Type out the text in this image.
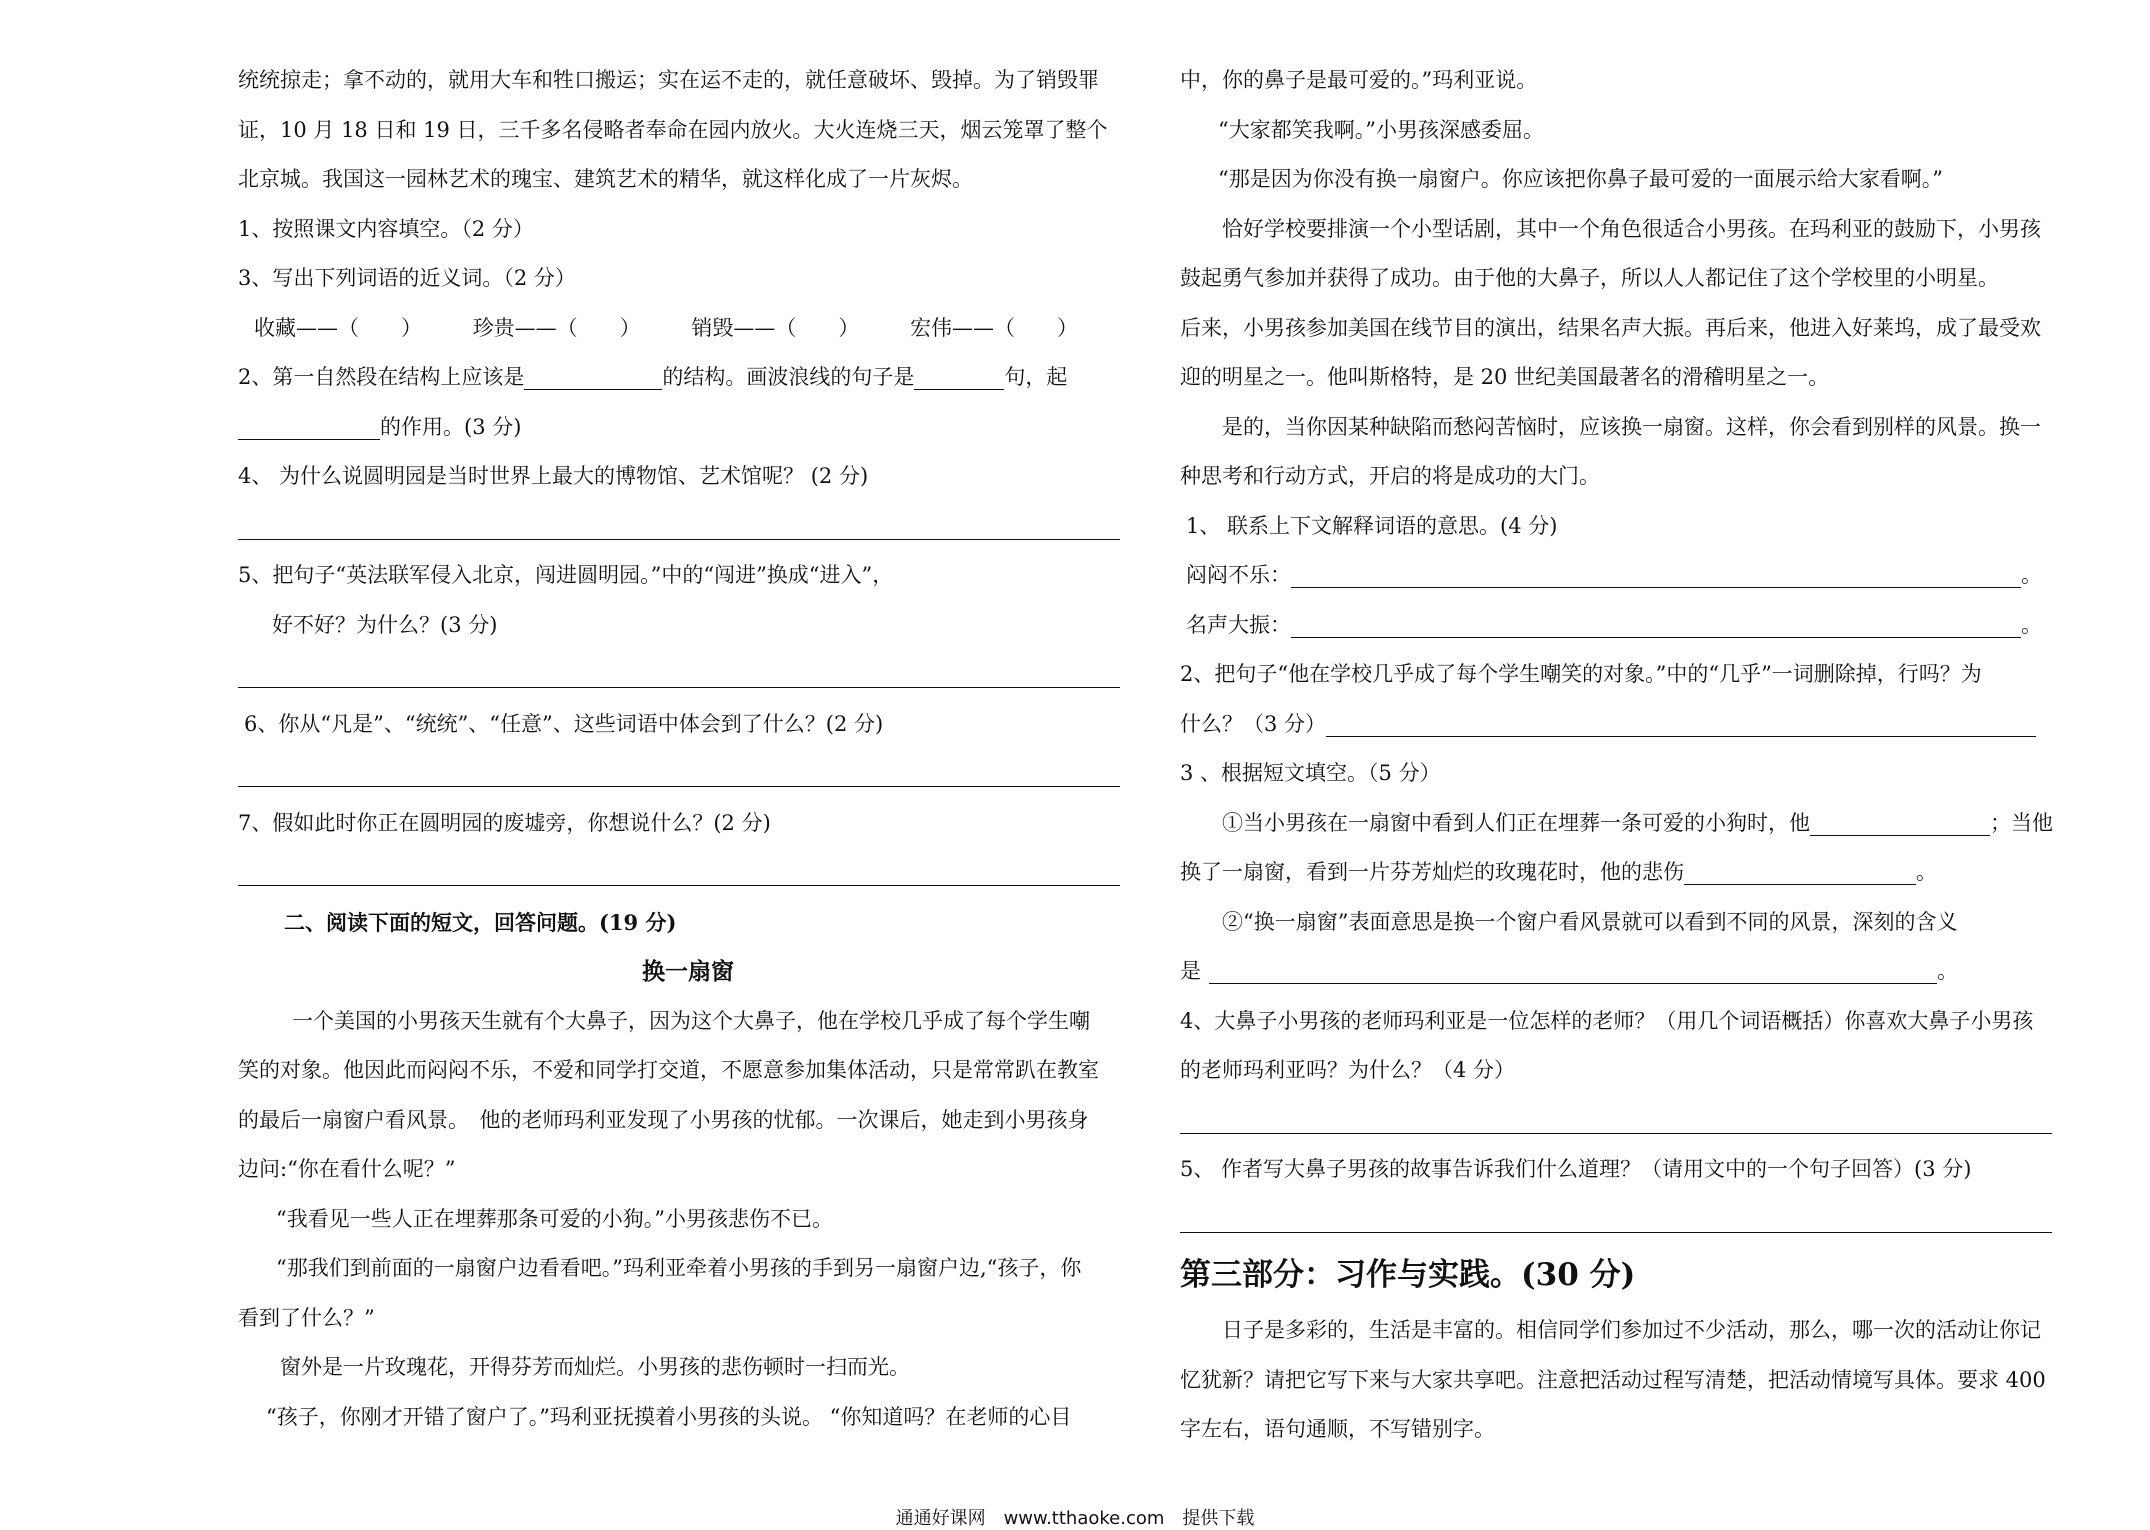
统统掠走；拿不动的，就用大车和牲口搬运；实在运不走的，就任意破坏、毁掉。为了销毁罪
证，10 月 18 日和 19 日，三千多名侵略者奉命在园内放火。大火连烧三天，烟云笼罩了整个
北京城。我国这一园林艺术的瑰宝、建筑艺术的精华，就这样化成了一片灰烬。
1、按照课文内容填空。（2 分）
3、写出下列词语的近义词。（2 分）
收藏——（　　） 珍贵——（　　） 销毁——（　　） 宏伟——（　　）
2、第一自然段在结构上应该是	的结构。画波浪线的句子是	句，起
的作用。(3 分)
4、 为什么说圆明园是当时世界上最大的博物馆、艺术馆呢？ (2 分)
5、把句子“英法联军侵入北京，闯进圆明园。”中的“闯进”换成“进入”，
好不好？为什么？(3 分)
6、你从“凡是”、“统统”、“任意”、这些词语中体会到了什么？(2 分)
7、假如此时你正在圆明园的废墟旁，你想说什么？(2 分)
二、阅读下面的短文，回答问题。(19 分)
换一扇窗
一个美国的小男孩天生就有个大鼻子，因为这个大鼻子，他在学校几乎成了每个学生嘲
笑的对象。他因此而闷闷不乐，不爱和同学打交道，不愿意参加集体活动，只是常常趴在教室
的最后一扇窗户看风景。　他的老师玛利亚发现了小男孩的忧郁。一次课后，她走到小男孩身
边问:“你在看什么呢？”
“我看见一些人正在埋葬那条可爱的小狗。”小男孩悲伤不已。
“那我们到前面的一扇窗户边看看吧。”玛利亚牵着小男孩的手到另一扇窗户边,“孩子，你
看到了什么？”
窗外是一片玫瑰花，开得芬芳而灿烂。小男孩的悲伤顿时一扫而光。
“孩子，你刚才开错了窗户了。”玛利亚抚摸着小男孩的头说。 “你知道吗？在老师的心目
中，你的鼻子是最可爱的。”玛利亚说。
“大家都笑我啊。”小男孩深感委屈。
“那是因为你没有换一扇窗户。你应该把你鼻子最可爱的一面展示给大家看啊。”
恰好学校要排演一个小型话剧，其中一个角色很适合小男孩。在玛利亚的鼓励下，小男孩
鼓起勇气参加并获得了成功。由于他的大鼻子，所以人人都记住了这个学校里的小明星。
后来，小男孩参加美国在线节目的演出，结果名声大振。再后来，他进入好莱坞，成了最受欢
迎的明星之一。他叫斯格特，是 20 世纪美国最著名的滑稽明星之一。
是的，当你因某种缺陷而愁闷苦恼时，应该换一扇窗。这样，你会看到别样的风景。换一
种思考和行动方式，开启的将是成功的大门。
1、 联系上下文解释词语的意思。(4 分)
闷闷不乐：	。
名声大振：	。
2、把句子“他在学校几乎成了每个学生嘲笑的对象。”中的“几乎”一词删除掉，行吗？为
什么？（3 分）
3 、根据短文填空。（5 分）
①当小男孩在一扇窗中看到人们正在埋葬一条可爱的小狗时，他	；当他
换了一扇窗，看到一片芬芳灿烂的玫瑰花时，他的悲伤	。
②“换一扇窗”表面意思是换一个窗户看风景就可以看到不同的风景，深刻的含义
是	。
4、大鼻子小男孩的老师玛利亚是一位怎样的老师？（用几个词语概括）你喜欢大鼻子小男孩
的老师玛利亚吗？为什么？（4 分）
5、 作者写大鼻子男孩的故事告诉我们什么道理？（请用文中的一个句子回答）(3 分)
第三部分：习作与实践。(30 分)
日子是多彩的，生活是丰富的。相信同学们参加过不少活动，那么，哪一次的活动让你记
忆犹新？请把它写下来与大家共享吧。注意把活动过程写清楚，把活动情境写具体。要求 400
字左右，语句通顺，不写错别字。
通通好课网　www.tthaoke.com　提供下载
